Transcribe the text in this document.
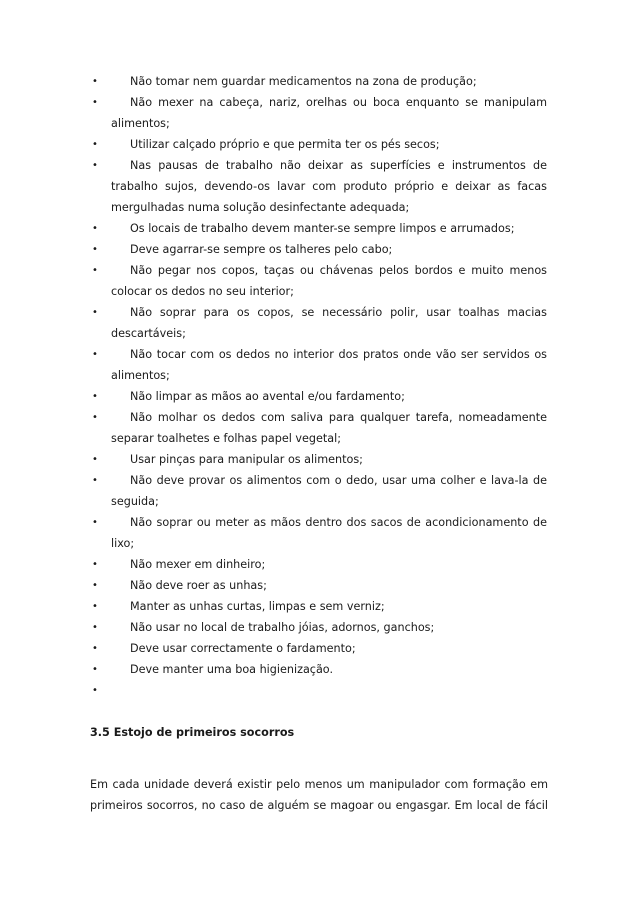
•	Não tomar nem guardar medicamentos na zona de produção;
•	Não mexer na cabeça, nariz, orelhas ou boca enquanto se manipulam alimentos;
•	Utilizar calçado próprio e que permita ter os pés secos;
•	Nas pausas de trabalho não deixar as superfícies e instrumentos de trabalho sujos, devendo-os lavar com produto próprio e deixar as facas mergulhadas numa solução desinfectante adequada;
•	Os locais de trabalho devem manter-se sempre limpos e arrumados;
•	Deve agarrar-se sempre os talheres pelo cabo;
•	Não pegar nos copos, taças ou chávenas pelos bordos e muito menos colocar os dedos no seu interior;
•	Não soprar para os copos, se necessário polir, usar toalhas macias descartáveis;
•	Não tocar com os dedos no interior dos pratos onde vão ser servidos os alimentos;
•	Não limpar as mãos ao avental e/ou fardamento;
•	Não molhar os dedos com saliva para qualquer tarefa, nomeadamente separar toalhetes e folhas papel vegetal;
•	Usar pinças para manipular os alimentos;
•	Não deve provar os alimentos com o dedo, usar uma colher e lava-la de seguida;
•	Não soprar ou meter as mãos dentro dos sacos de acondicionamento de lixo;
•	Não mexer em dinheiro;
•	Não deve roer as unhas;
•	Manter as unhas curtas, limpas e sem verniz;
•	Não usar no local de trabalho jóias, adornos, ganchos;
•	Deve usar correctamente o fardamento;
•	Deve manter uma boa higienização.
•
3.5 Estojo de primeiros socorros

Em cada unidade deverá existir pelo menos um manipulador com formação em primeiros socorros, no caso de alguém se magoar ou engasgar. Em local de fácil
